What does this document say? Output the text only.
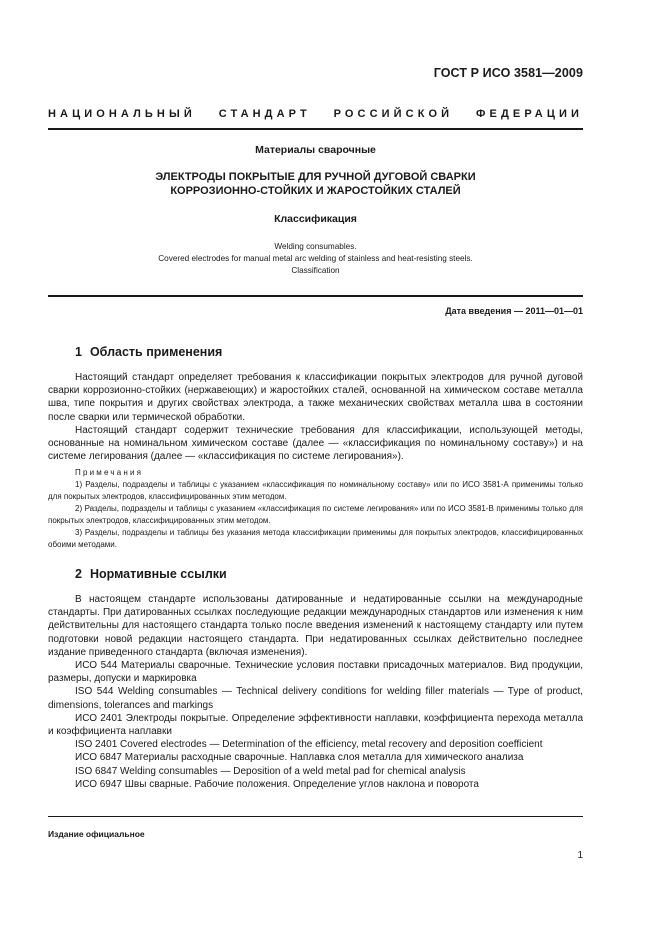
ГОСТ Р ИСО 3581—2009
НАЦИОНАЛЬНЫЙ СТАНДАРТ РОССИЙСКОЙ ФЕДЕРАЦИИ
Материалы сварочные
ЭЛЕКТРОДЫ ПОКРЫТЫЕ ДЛЯ РУЧНОЙ ДУГОВОЙ СВАРКИ
КОРРОЗИОННО-СТОЙКИХ И ЖАРОСТОЙКИХ СТАЛЕЙ
Классификация
Welding consumables.
Covered electrodes for manual metal arc welding of stainless and heat-resisting steels.
Classification
Дата введения — 2011—01—01
1 Область применения

Настоящий стандарт определяет требования к классификации покрытых электродов для ручной дуговой сварки коррозионно-стойких (нержавеющих) и жаростойких сталей, основанной на химическом составе металла шва, типе покрытия и других свойствах электрода, а также механических свойствах металла шва в состоянии после сварки или термической обработки.

Настоящий стандарт содержит технические требования для классификации, использующей методы, основанные на номинальном химическом составе (далее — «классификация по номинальному составу») и на системе легирования (далее — «классификация по системе легирования»).

Примечания

1) Разделы, подразделы и таблицы с указанием «классификация по номинальному составу» или по ИСО 3581-А применимы только для покрытых электродов, классифицированных этим методом.

2) Разделы, подразделы и таблицы с указанием «классификация по системе легирования» или по ИСО 3581-В применимы только для покрытых электродов, классифицированных этим методом.

3) Разделы, подразделы и таблицы без указания метода классификации применимы для покрытых электродов, классифицированных обоими методами.

2 Нормативные ссылки

В настоящем стандарте использованы датированные и недатированные ссылки на международные стандарты. При датированных ссылках последующие редакции международных стандартов или изменения к ним действительны для настоящего стандарта только после введения изменений к настоящему стандарту или путем подготовки новой редакции настоящего стандарта. При недатированных ссылках действительно последнее издание приведенного стандарта (включая изменения).

ИСО 544 Материалы сварочные. Технические условия поставки присадочных материалов. Вид продукции, размеры, допуски и маркировка

ISO 544 Welding consumables — Technical delivery conditions for welding filler materials — Type of product, dimensions, tolerances and markings

ИСО 2401 Электроды покрытые. Определение эффективности наплавки, коэффициента перехода металла и коэффициента наплавки

ISO 2401 Covered electrodes — Determination of the efficiency, metal recovery and deposition coefficient

ИСО 6847 Материалы расходные сварочные. Наплавка слоя металла для химического анализа

ISO 6847 Welding consumables — Deposition of a weld metal pad for chemical analysis

ИСО 6947 Швы сварные. Рабочие положения. Определение углов наклона и поворота

Издание официальное
1
